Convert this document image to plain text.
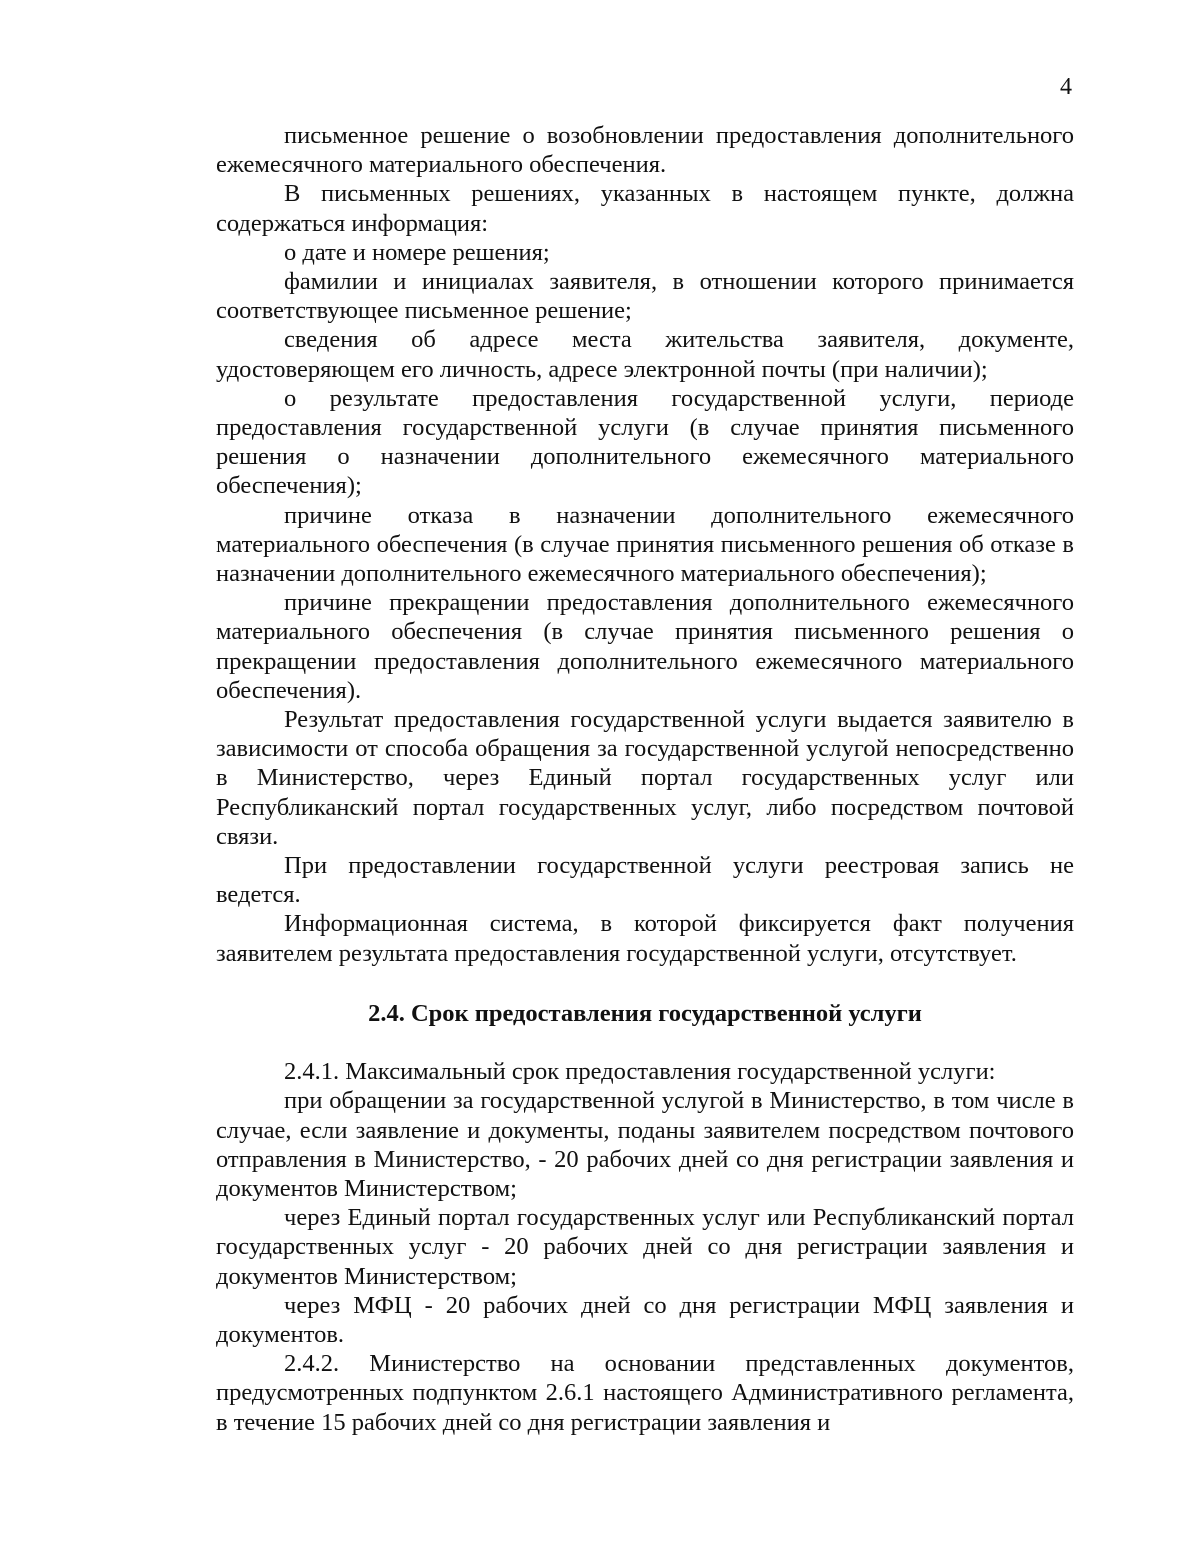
4

письменное решение о возобновлении предоставления дополнительного ежемесячного материального обеспечения.

В письменных решениях, указанных в настоящем пункте, должна содержаться информация:

о дате и номере решения;

фамилии и инициалах заявителя, в отношении которого принимается соответствующее письменное решение;

сведения об адресе места жительства заявителя, документе, удостоверяющем его личность, адресе электронной почты (при наличии);

о результате предоставления государственной услуги, периоде предоставления государственной услуги (в случае принятия письменного решения о назначении дополнительного ежемесячного материального обеспечения);

причине отказа в назначении дополнительного ежемесячного материального обеспечения (в случае принятия письменного решения об отказе в назначении дополнительного ежемесячного материального обеспечения);

причине прекращении предоставления дополнительного ежемесячного материального обеспечения (в случае принятия письменного решения о прекращении предоставления дополнительного ежемесячного материального обеспечения).

Результат предоставления государственной услуги выдается заявителю в зависимости от способа обращения за государственной услугой непосредственно в Министерство, через Единый портал государственных услуг или Республиканский портал государственных услуг, либо посредством почтовой связи.

При предоставлении государственной услуги реестровая запись не ведется.

Информационная система, в которой фиксируется факт получения заявителем результата предоставления государственной услуги, отсутствует.

2.4. Срок предоставления государственной услуги

2.4.1. Максимальный срок предоставления государственной услуги:

при обращении за государственной услугой в Министерство, в том числе в случае, если заявление и документы, поданы заявителем посредством почтового отправления в Министерство, - 20 рабочих дней со дня регистрации заявления и документов Министерством;

через Единый портал государственных услуг или Республиканский портал государственных услуг - 20 рабочих дней со дня регистрации заявления и документов Министерством;

через МФЦ - 20 рабочих дней со дня регистрации МФЦ заявления и документов.

2.4.2. Министерство на основании представленных документов, предусмотренных подпунктом 2.6.1 настоящего Административного регламента, в течение 15 рабочих дней со дня регистрации заявления и
